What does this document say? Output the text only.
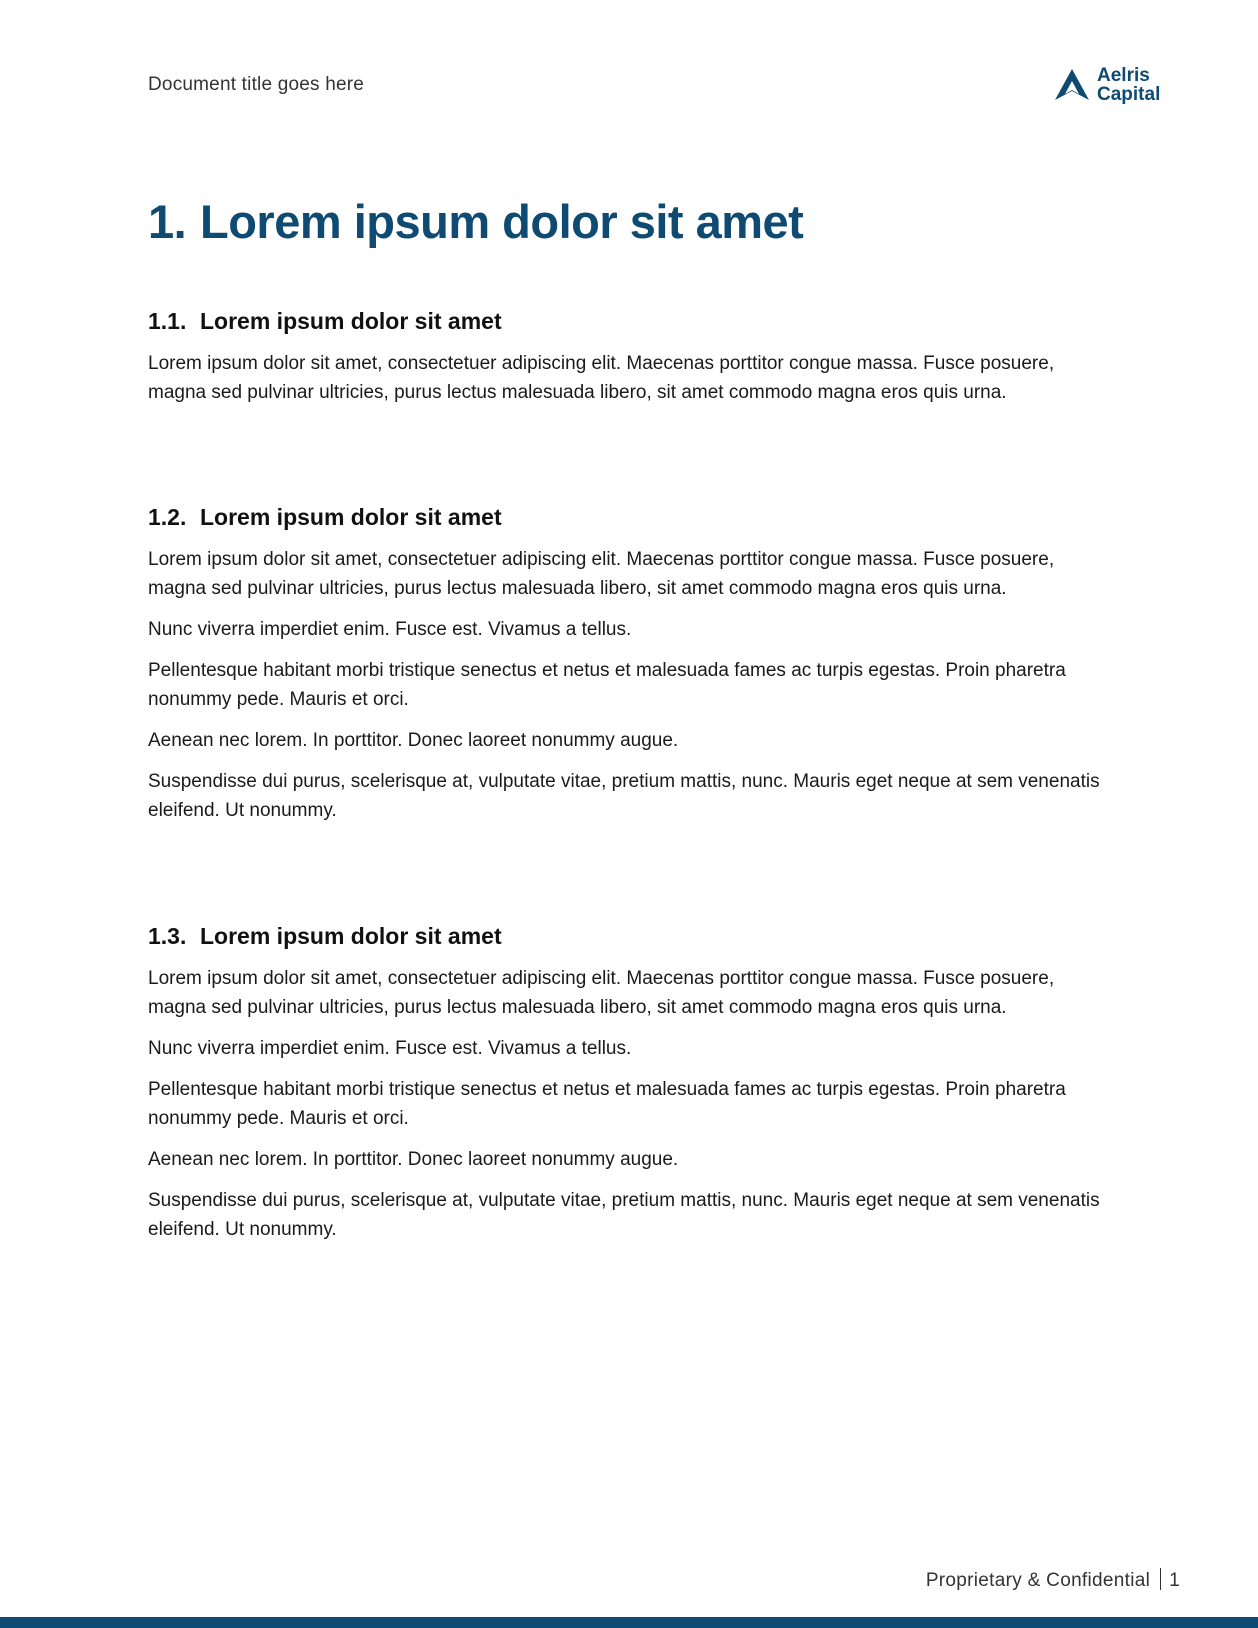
Document title goes here	Aelris
Capital
1. Lorem ipsum dolor sit amet
1.1. Lorem ipsum dolor sit amet

Lorem ipsum dolor sit amet, consectetuer adipiscing elit. Maecenas porttitor congue massa. Fusce posuere, magna sed pulvinar ultricies, purus lectus malesuada libero, sit amet commodo magna eros quis urna.

1.2. Lorem ipsum dolor sit amet

Lorem ipsum dolor sit amet, consectetuer adipiscing elit. Maecenas porttitor congue massa. Fusce posuere, magna sed pulvinar ultricies, purus lectus malesuada libero, sit amet commodo magna eros quis urna.

Nunc viverra imperdiet enim. Fusce est. Vivamus a tellus.

Pellentesque habitant morbi tristique senectus et netus et malesuada fames ac turpis egestas. Proin pharetra nonummy pede. Mauris et orci.

Aenean nec lorem. In porttitor. Donec laoreet nonummy augue.

Suspendisse dui purus, scelerisque at, vulputate vitae, pretium mattis, nunc. Mauris eget neque at sem venenatis eleifend. Ut nonummy.

1.3. Lorem ipsum dolor sit amet

Lorem ipsum dolor sit amet, consectetuer adipiscing elit. Maecenas porttitor congue massa. Fusce posuere, magna sed pulvinar ultricies, purus lectus malesuada libero, sit amet commodo magna eros quis urna.

Nunc viverra imperdiet enim. Fusce est. Vivamus a tellus.

Pellentesque habitant morbi tristique senectus et netus et malesuada fames ac turpis egestas. Proin pharetra nonummy pede. Mauris et orci.

Aenean nec lorem. In porttitor. Donec laoreet nonummy augue.

Suspendisse dui purus, scelerisque at, vulputate vitae, pretium mattis, nunc. Mauris eget neque at sem venenatis eleifend. Ut nonummy.

Proprietary & Confidential 1
